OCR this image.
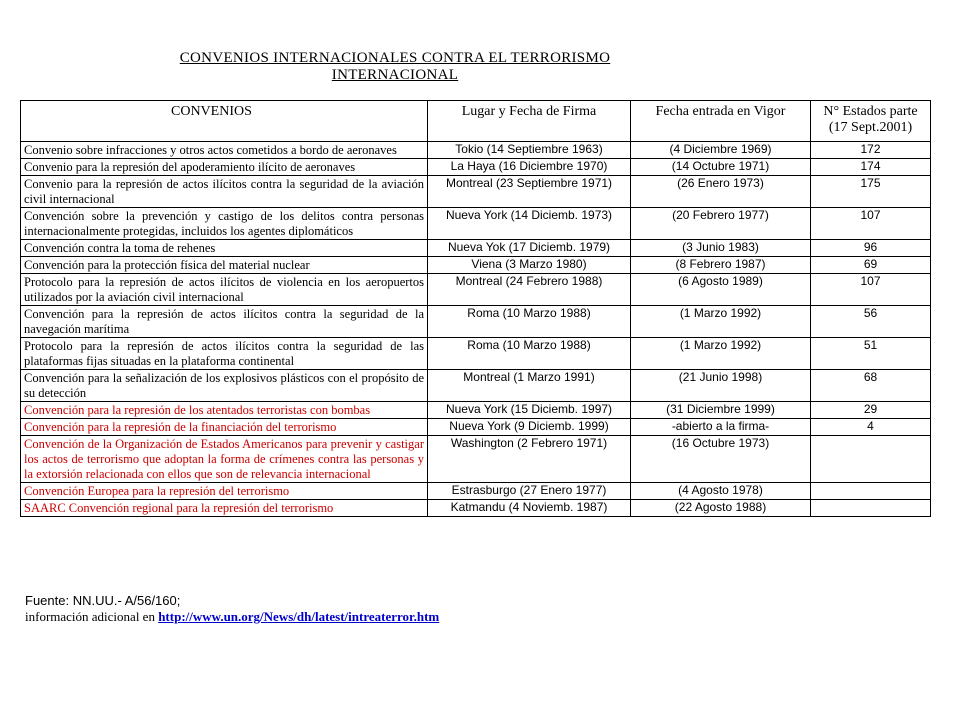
CONVENIOS INTERNACIONALES CONTRA EL TERRORISMO
INTERNACIONAL
CONVENIOS	Lugar y Fecha de Firma	Fecha entrada en Vigor	N° Estados parte (17 Sept.2001)
Convenio sobre infracciones y otros actos cometidos a bordo de aeronaves	Tokio (14 Septiembre 1963)	(4 Diciembre 1969)	172
Convenio para la represión del apoderamiento ilícito de aeronaves	La Haya (16 Diciembre 1970)	(14 Octubre 1971)	174
Convenio para la represión de actos ilícitos contra la seguridad de la aviación civil internacional	Montreal (23 Septiembre 1971)	(26 Enero 1973)	175
Convención sobre la prevención y castigo de los delitos contra personas internacionalmente protegidas, incluidos los agentes diplomáticos	Nueva York (14 Diciemb. 1973)	(20 Febrero 1977)	107
Convención contra la toma de rehenes	Nueva Yok (17 Diciemb. 1979)	(3 Junio 1983)	96
Convención para la protección física del material nuclear	Viena (3 Marzo 1980)	(8 Febrero 1987)	69
Protocolo para la represión de actos ilícitos de violencia en los aeropuertos utilizados por la aviación civil internacional	Montreal (24 Febrero 1988)	(6 Agosto 1989)	107
Convención para la represión de actos ilícitos contra la seguridad de la navegación marítima	Roma (10 Marzo 1988)	(1 Marzo 1992)	56
Protocolo para la represión de actos ilícitos contra la seguridad de las plataformas fijas situadas en la plataforma continental	Roma (10 Marzo 1988)	(1 Marzo 1992)	51
Convención para la señalización de los explosivos plásticos con el propósito de su detección	Montreal (1 Marzo 1991)	(21 Junio 1998)	68
Convención para la represión de los atentados terroristas con bombas	Nueva York (15 Diciemb. 1997)	(31 Diciembre 1999)	29
Convención para la represión de la financiación del terrorismo	Nueva York (9 Diciemb. 1999)	-abierto a la firma-	4
Convención de la Organización de Estados Americanos para prevenir y castigar los actos de terrorismo que adoptan la forma de crímenes contra las personas y la extorsión relacionada con ellos que son de relevancia internacional	Washington (2 Febrero 1971)	(16 Octubre 1973)	
Convención Europea para la represión del terrorismo	Estrasburgo (27 Enero 1977)	(4 Agosto 1978)	
SAARC Convención regional para la represión del terrorismo	Katmandu (4 Noviemb. 1987)	(22 Agosto 1988)	
Fuente: NN.UU.- A/56/160;
información adicional en http://www.un.org/News/dh/latest/intreaterror.htm
